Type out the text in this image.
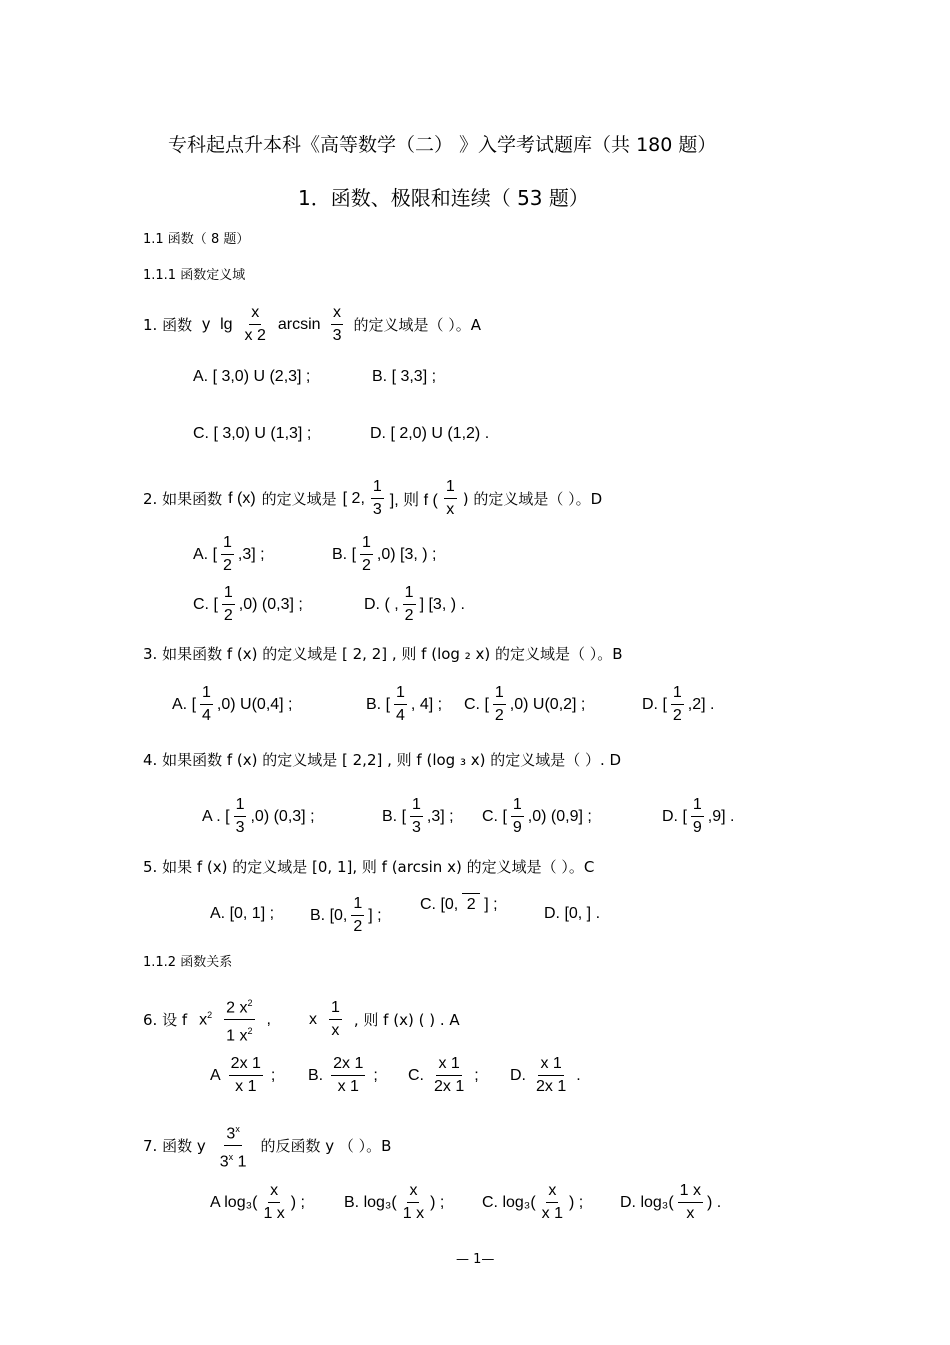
专科起点升本科《高等数学（二） 》入学考试题库（共 180 题）
1．函数、极限和连续（ 53 题）
1.1 函数（ 8 题）
1.1.1 函数定义域
1. 函数 y $\lg \frac{x}{x 2}$ $\arcsin \frac{x}{3}$ 的定义域是（ ）。A
A. [ 3,0) U (2,3] ;	B. [ 3,3] ;
C. [ 3,0) U (1,3] ;	D. [ 2,0) U (1,2) .
2. 如果函数 f (x) 的定义域是 [ 2, $\frac{1}{3}$ ], 则 f ( $\frac{1}{x}$ ) 的定义域是（ ）。D
A. [ $\frac{1}{2} ,3$] ;	B. [ $\frac{1}{2} ,0$) [3, ) ;
C. [ $\frac{1}{2} ,0$) (0,3] ;	D. ( , $\frac{1}{2}$ ] [3, ) .
3. 如果函数 f (x) 的定义域是 [ 2, 2] , 则 f (log ₂ x) 的定义域是（ ）。B
A. [ $\frac{1}{4} ,0$) U(0,4] ;	B. [ $\frac{1}{4}$ , 4] ; C. [ $\frac{1}{2} ,0$) U(0,2] ;	D. [ $\frac{1}{2} ,2$] .
4. 如果函数 f (x) 的定义域是 [ 2,2] , 则 f (log ₃ x) 的定义域是（ ）. D
A . [ $\frac{1}{3} ,0$) (0,3] ;	B. [ $\frac{1}{3} ,3$] ; C. [ $\frac{1}{9} ,0$) (0,9] ;	D. [ $\frac{1}{9} ,9$] .
5. 如果 f (x) 的定义域是 [0, 1], 则 f (arcsin x) 的定义域是（ ）。C
A. [0, 1] ; B. [0, $\frac{1}{2}$ ] ;
C. [0, 2 ] ;
D. [0, ] .
1.1.2 函数关系
6. 设 f $x^2 \frac{2 x^2}{1 x^2}$ , x $\frac{1}{x}$ , 则 f (x) ( ) . A
A $\frac{2x 1}{x 1}$ ; B. $\frac{2x 1}{x 1}$ ; C. $\frac{x 1}{2x 1}$ ; D. $\frac{x 1}{2x 1}$ .
7. 函数 y $\frac{3^x}{3^x 1}$ 的反函数 y （ ）。B
A $\log_3( \frac{x}{1 x}$ ) ; B. $\log_3( \frac{x}{1 x}$ ) ; C. $\log_3( \frac{x}{x 1}$ ) ; D. $\log_3( \frac{1 x}{x}$ ) .
— 1—
